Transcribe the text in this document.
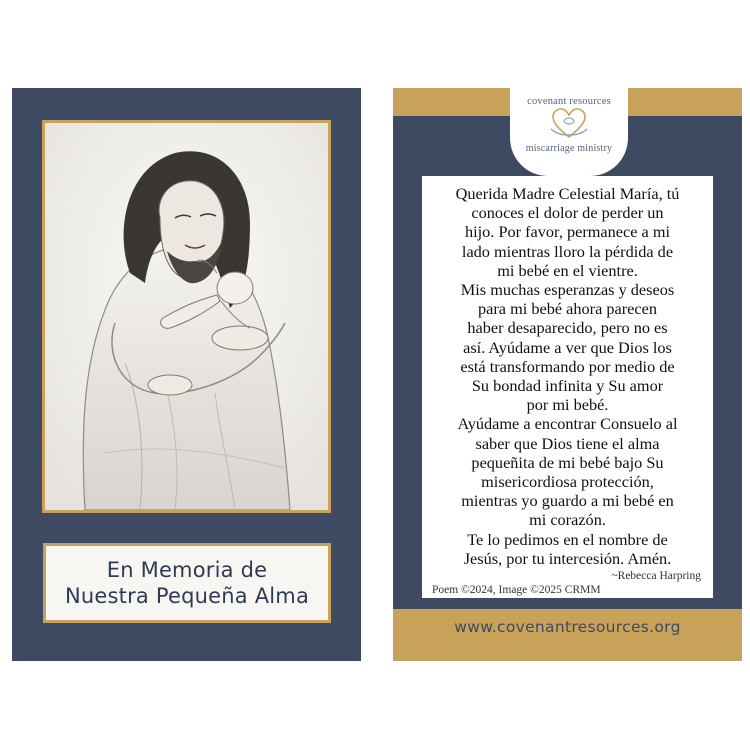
En Memoria de
Nuestra Pequeña Alma
covenant resources
miscarriage ministry

Querida Madre Celestial María, tú
conoces el dolor de perder un
hijo. Por favor, permanece a mi
lado mientras lloro la pérdida de
mi bebé en el vientre.
Mis muchas esperanzas y deseos
para mi bebé ahora parecen
haber desaparecido, pero no es
así. Ayúdame a ver que Dios los
está transformando por medio de
Su bondad infinita y Su amor
por mi bebé.
Ayúdame a encontrar Consuelo al
saber que Dios tiene el alma
pequeñita de mi bebé bajo Su
misericordiosa protección,
mientras yo guardo a mi bebé en
mi corazón.
Te lo pedimos en el nombre de
Jesús, por tu intercesión. Amén.

~Rebecca Harpring
Poem ©2024, Image ©2025 CRMM
www.covenantresources.org
